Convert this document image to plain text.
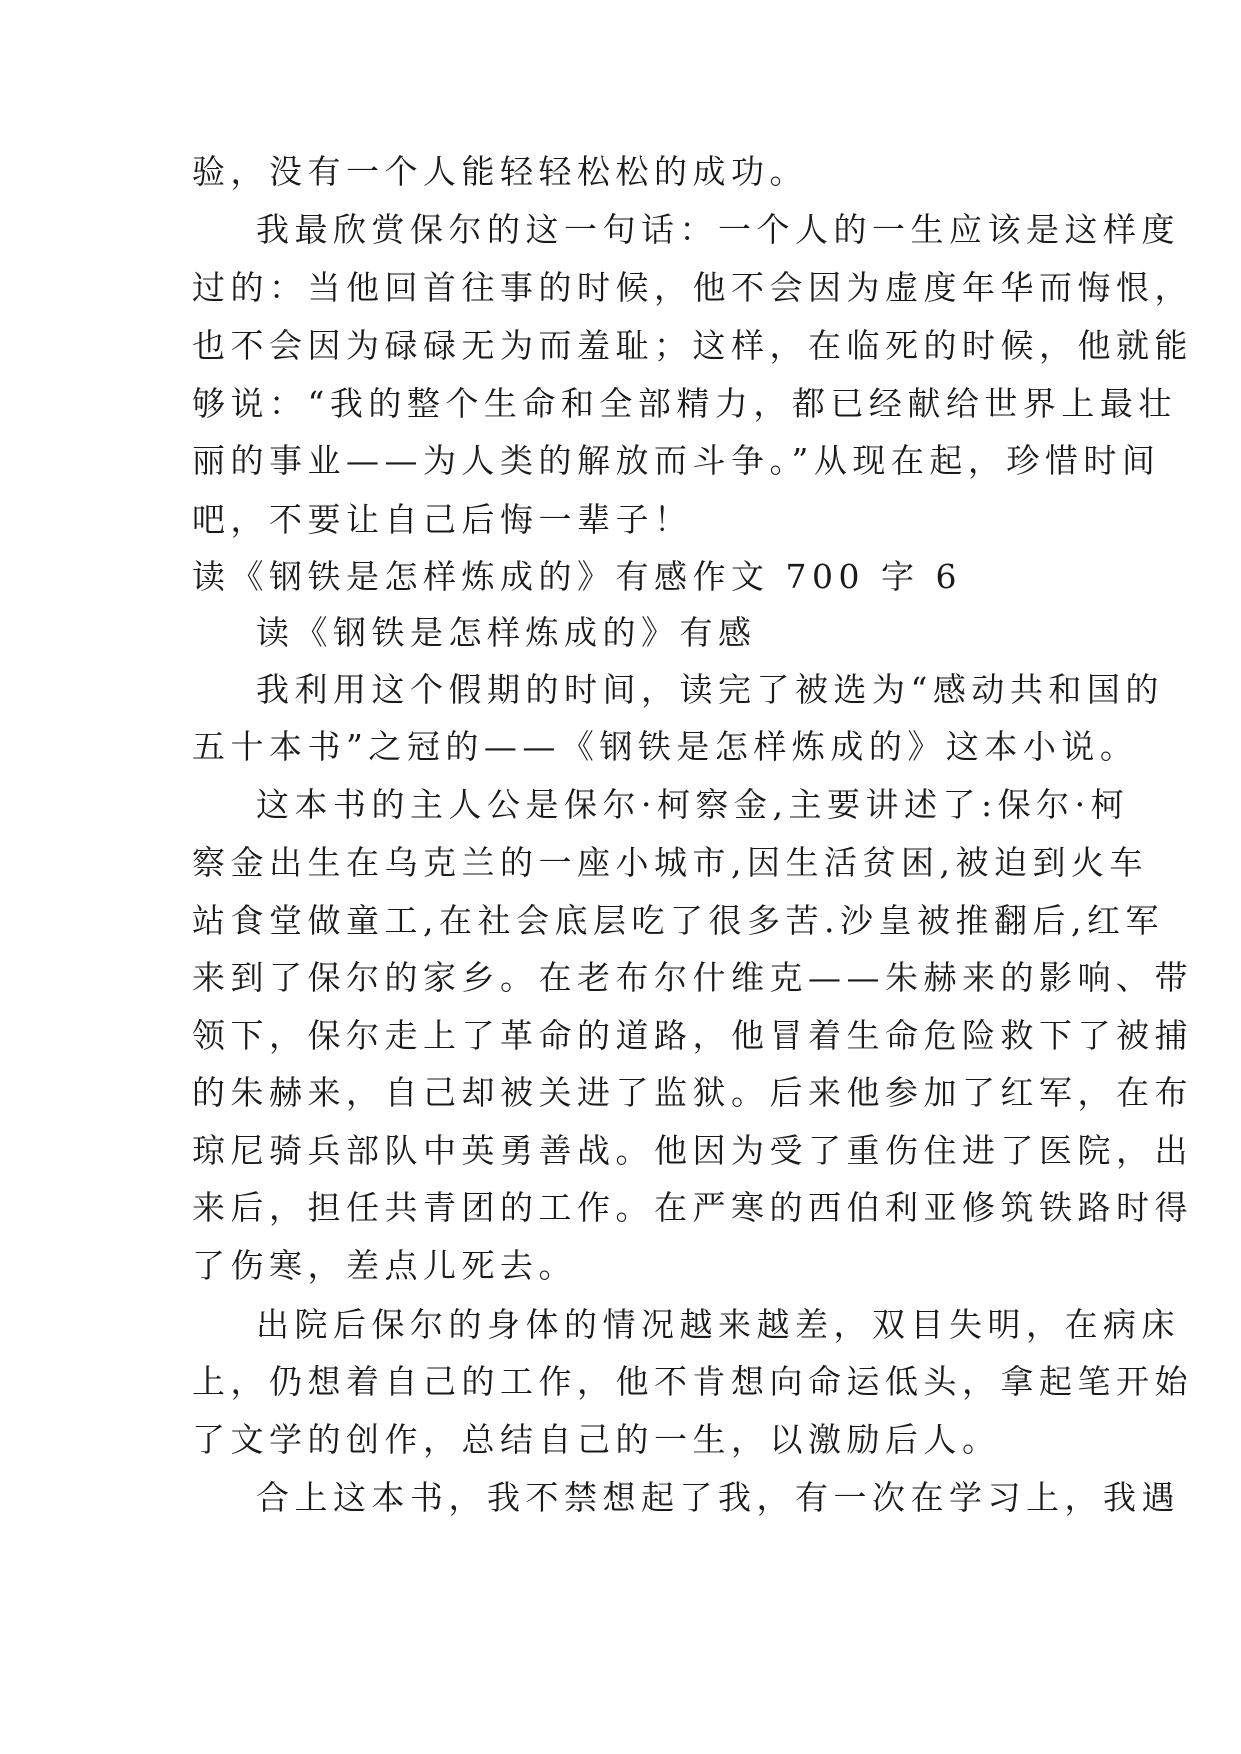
验，没有一个人能轻轻松松的成功。
我最欣赏保尔的这一句话：一个人的一生应该是这样度
过的：当他回首往事的时候，他不会因为虚度年华而悔恨，
也不会因为碌碌无为而羞耻；这样，在临死的时候，他就能
够说：“我的整个生命和全部精力，都已经献给世界上最壮
丽的事业——为人类的解放而斗争。”从现在起，珍惜时间
吧，不要让自己后悔一辈子！
读《钢铁是怎样炼成的》有感作文 700 字 6
读《钢铁是怎样炼成的》有感
我利用这个假期的时间，读完了被选为“感动共和国的
五十本书”之冠的——《钢铁是怎样炼成的》这本小说。
这本书的主人公是保尔·柯察金,主要讲述了:保尔·柯
察金出生在乌克兰的一座小城市,因生活贫困,被迫到火车
站食堂做童工,在社会底层吃了很多苦.沙皇被推翻后,红军
来到了保尔的家乡。在老布尔什维克——朱赫来的影响、带
领下，保尔走上了革命的道路，他冒着生命危险救下了被捕
的朱赫来，自己却被关进了监狱。后来他参加了红军，在布
琼尼骑兵部队中英勇善战。他因为受了重伤住进了医院，出
来后，担任共青团的工作。在严寒的西伯利亚修筑铁路时得
了伤寒，差点儿死去。
出院后保尔的身体的情况越来越差，双目失明，在病床
上，仍想着自己的工作，他不肯想向命运低头，拿起笔开始
了文学的创作，总结自己的一生，以激励后人。
合上这本书，我不禁想起了我，有一次在学习上，我遇
